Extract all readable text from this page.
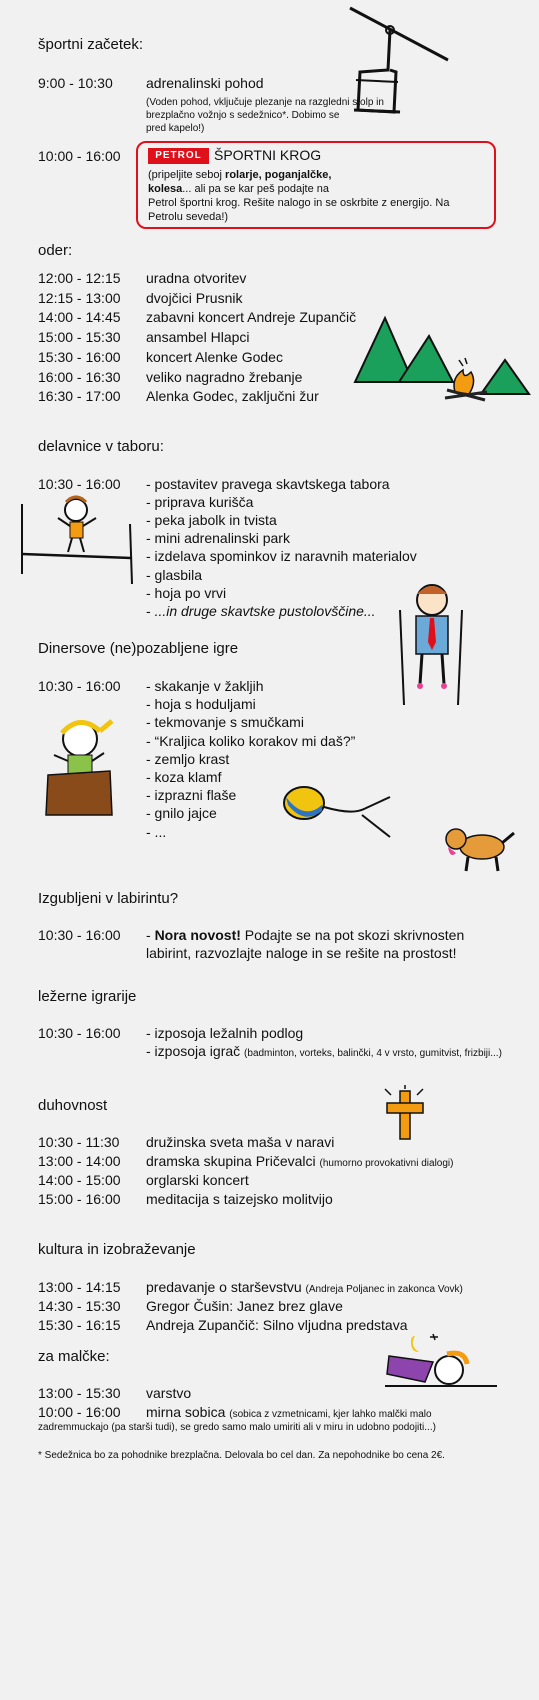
športni začetek:
9:00 - 10:30	adrenalinski pohod
(Voden pohod, vključuje plezanje na razgledni stolp in
brezplačno vožnjo s sedežnico*. Dobimo se
pred kapelo!)
10:00 - 16:00	PETROL ŠPORTNI KROG
(pripeljite seboj rolarje, poganjalčke,
kolesa... ali pa se kar peš podajte na
Petrol športni krog. Rešite nalogo in se oskrbite z energijo. Na
Petrolu seveda!)
oder:
12:00 - 12:15	uradna otvoritev
12:15 - 13:00	dvojčici Prusnik
14:00 - 14:45	zabavni koncert Andreje Zupančič
15:00 - 15:30	ansambel Hlapci
15:30 - 16:00	koncert Alenke Godec
16:00 - 16:30	veliko nagradno žrebanje
16:30 - 17:00	Alenka Godec, zaključni žur
delavnice v taboru:
10:30 - 16:00	- postavitev pravega skavtskega tabora
- priprava kurišča
- peka jabolk in tvista
- mini adrenalinski park
- izdelava spominkov iz naravnih materialov
- glasbila
- hoja po vrvi
- ...in druge skavtske pustolovščine...
Dinersove (ne)pozabljene igre
10:30 - 16:00	- skakanje v žakljih
- hoja s hoduljami
- tekmovanje s smučkami
- “Kraljica koliko korakov mi daš?”
- zemljo krast
- koza klamf
- izprazni flaše
- gnilo jajce
- ...
Izgubljeni v labirintu?
10:30 - 16:00	- Nora novost! Podajte se na pot skozi skrivnosten
labirint, razvozlajte naloge in se rešite na prostost!
ležerne igrarije
10:30 - 16:00	- izposoja ležalnih podlog
- izposoja igrač (badminton, vorteks, balinčki, 4 v vrsto, gumitvist, frizbiji...)
duhovnost
10:30 - 11:30	družinska sveta maša v naravi
13:00 - 14:00	dramska skupina Pričevalci (humorno provokativni dialogi)
14:00 - 15:00	orglarski koncert
15:00 - 16:00	meditacija s taizejsko molitvijo
kultura in izobraževanje
13:00 - 14:15	predavanje o starševstvu (Andreja Poljanec in zakonca Vovk)
14:30 - 15:30	Gregor Čušin: Janez brez glave
15:30 - 16:15	Andreja Zupančič: Silno vljudna predstava
za malčke:
13:00 - 15:30	varstvo
10:00 - 16:00	mirna sobica (sobica z vzmetnicami, kjer lahko malčki malo
zadremmuckajo (pa starši tudi), se gredo samo malo umiriti ali v miru in udobno podojiti...)
* Sedežnica bo za pohodnike brezplačna. Delovala bo cel dan. Za nepohodnike bo cena 2€.
